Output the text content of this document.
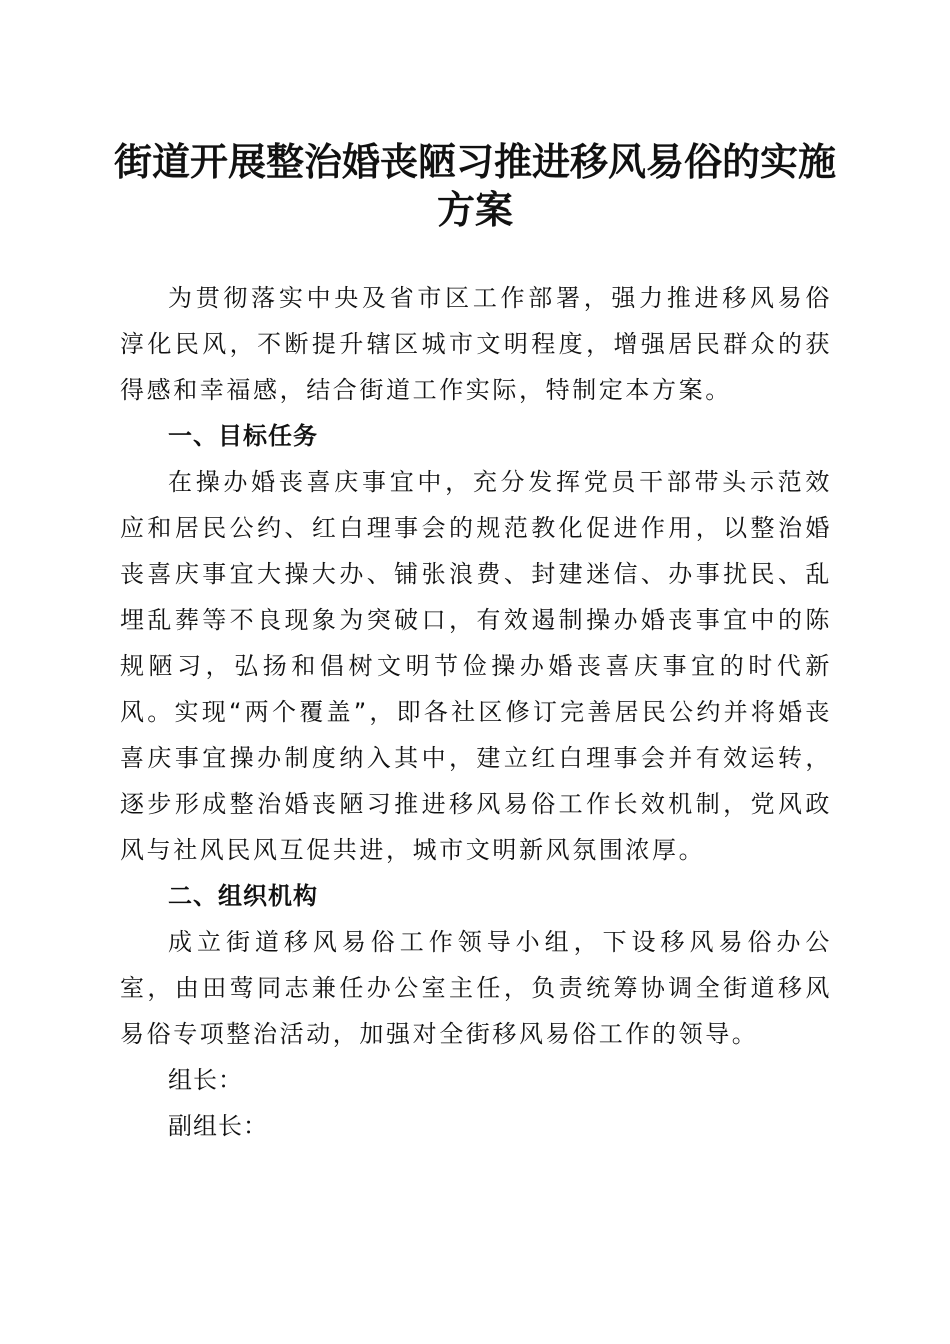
街道开展整治婚丧陋习推进移风易俗的实施方案

为贯彻落实中央及省市区工作部署，强力推进移风易俗淳化民风，不断提升辖区城市文明程度，增强居民群众的获得感和幸福感，结合街道工作实际，特制定本方案。

一、目标任务

在操办婚丧喜庆事宜中，充分发挥党员干部带头示范效应和居民公约、红白理事会的规范教化促进作用，以整治婚丧喜庆事宜大操大办、铺张浪费、封建迷信、办事扰民、乱埋乱葬等不良现象为突破口，有效遏制操办婚丧事宜中的陈规陋习，弘扬和倡树文明节俭操办婚丧喜庆事宜的时代新风。实现“两个覆盖”，即各社区修订完善居民公约并将婚丧喜庆事宜操办制度纳入其中，建立红白理事会并有效运转，逐步形成整治婚丧陋习推进移风易俗工作长效机制，党风政风与社风民风互促共进，城市文明新风氛围浓厚。

二、组织机构

成立街道移风易俗工作领导小组，下设移风易俗办公室，由田莺同志兼任办公室主任，负责统筹协调全街道移风易俗专项整治活动，加强对全街移风易俗工作的领导。

组长：

副组长：
